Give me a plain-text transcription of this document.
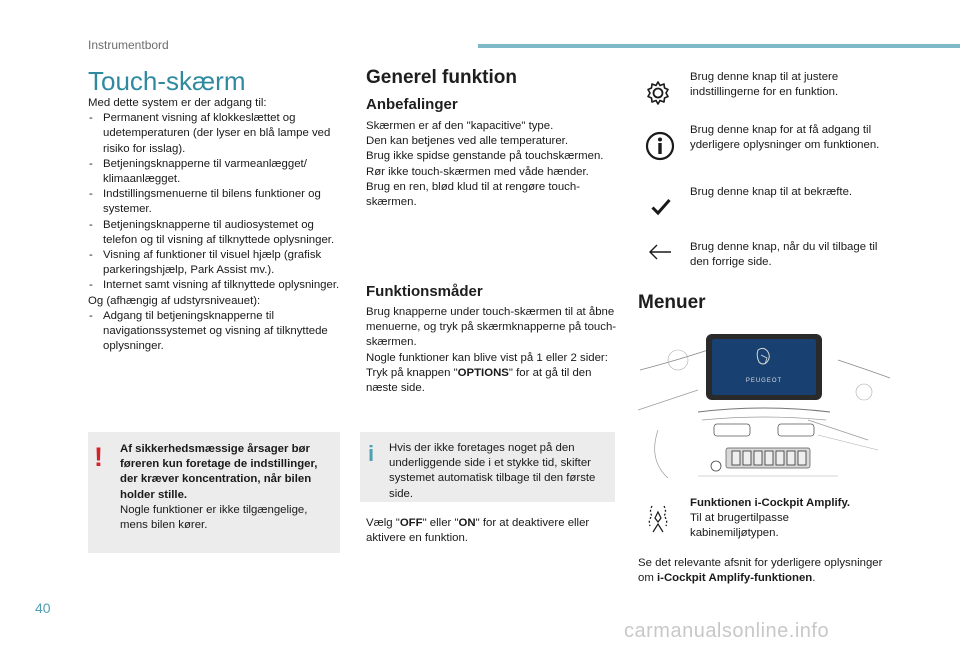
Instrumentbord
Touch-skærm
Med dette system er der adgang til:
- Permanent visning af klokkeslættet og udetemperaturen (der lyser en blå lampe ved risiko for isslag).
- Betjeningsknapperne til varmeanlægget/ klimaanlægget.
- Indstillingsmenuerne til bilens funktioner og systemer.
- Betjeningsknapperne til audiosystemet og telefon og til visning af tilknyttede oplysninger.
- Visning af funktioner til visuel hjælp (grafisk parkeringshjælp, Park Assist mv.).
- Internet samt visning af tilknyttede oplysninger.
Og (afhængig af udstyrsniveauet):
- Adgang til betjeningsknapperne til navigationssystemet og visning af tilknyttede oplysninger.
! Af sikkerhedsmæssige årsager bør føreren kun foretage de indstillinger, der kræver koncentration, når bilen holder stille.
Nogle funktioner er ikke tilgængelige, mens bilen kører.
Generel funktion
Anbefalinger
Skærmen er af den "kapacitive" type.
Den kan betjenes ved alle temperaturer.
Brug ikke spidse genstande på touchskærmen.
Rør ikke touch-skærmen med våde hænder.
Brug en ren, blød klud til at rengøre touch-skærmen.
Funktionsmåder
Brug knapperne under touch-skærmen til at åbne menuerne, og tryk på skærmknapperne på touch-skærmen.
Nogle funktioner kan blive vist på 1 eller 2 sider: Tryk på knappen "OPTIONS" for at gå til den næste side.
i Hvis der ikke foretages noget på den underliggende side i et stykke tid, skifter systemet automatisk tilbage til den første side.
Vælg "OFF" eller "ON" for at deaktivere eller aktivere en funktion.
Brug denne knap til at justere indstillingerne for en funktion.
Brug denne knap for at få adgang til yderligere oplysninger om funktionen.
Brug denne knap til at bekræfte.
Brug denne knap, når du vil tilbage til den forrige side.
Menuer
PEUGEOT
Funktionen i-Cockpit Amplify.
Til at brugertilpasse kabinemiljøtypen.
Se det relevante afsnit for yderligere oplysninger om i-Cockpit Amplify-funktionen.
40
carmanualsonline.info
